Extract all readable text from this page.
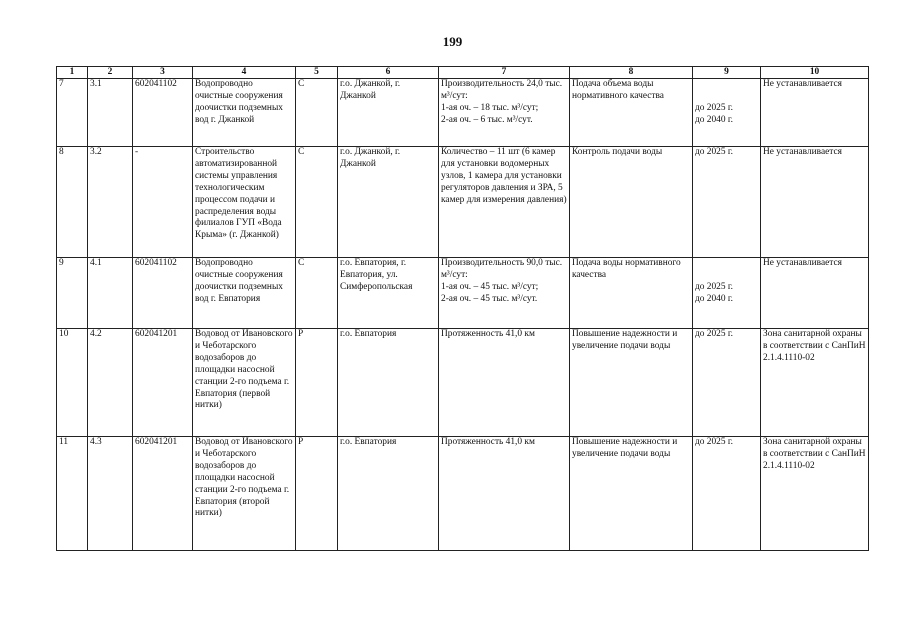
199
1	2	3	4	5	6	7	8	9	10
7	3.1	602041102	Водопроводно очистные сооружения доочистки подземных вод г. Джанкой	С	г.о. Джанкой, г. Джанкой	Производительность 24,0 тыс. м³/сут:
1-ая оч. – 18 тыс. м³/сут;
2-ая оч. – 6 тыс. м³/сут.	Подача объема воды нормативного качества	до 2025 г.
до 2040 г.	Не устанавливается
8	3.2	-	Строительство автоматизированной системы управления технологическим процессом подачи и распределения воды филиалов ГУП «Вода Крыма» (г. Джанкой)	С	г.о. Джанкой, г. Джанкой	Количество – 11 шт (6 камер для установки водомерных узлов, 1 камера для установки регуляторов давления и ЗРА, 5 камер для измерения давления)	Контроль подачи воды	до 2025 г.	Не устанавливается
9	4.1	602041102	Водопроводно очистные сооружения доочистки подземных вод г. Евпатория	С	г.о. Евпатория, г. Евпатория, ул. Симферопольская	Производительность 90,0 тыс. м³/сут:
1-ая оч. – 45 тыс. м³/сут;
2-ая оч. – 45 тыс. м³/сут.	Подача воды нормативного качества	до 2025 г.
до 2040 г.	Не устанавливается
10	4.2	602041201	Водовод от Ивановского и Чеботарского водозаборов до площадки насосной станции 2-го подъема г. Евпатория (первой нитки)	Р	г.о. Евпатория	Протяженность 41,0 км	Повышение надежности и увеличение подачи воды	до 2025 г.	Зона санитарной охраны в соответствии с СанПиН 2.1.4.1110-02
11	4.3	602041201	Водовод от Ивановского и Чеботарского водозаборов до площадки насосной станции 2-го подъема г. Евпатория (второй нитки)	Р	г.о. Евпатория	Протяженность 41,0 км	Повышение надежности и увеличение подачи воды	до 2025 г.	Зона санитарной охраны в соответствии с СанПиН 2.1.4.1110-02
